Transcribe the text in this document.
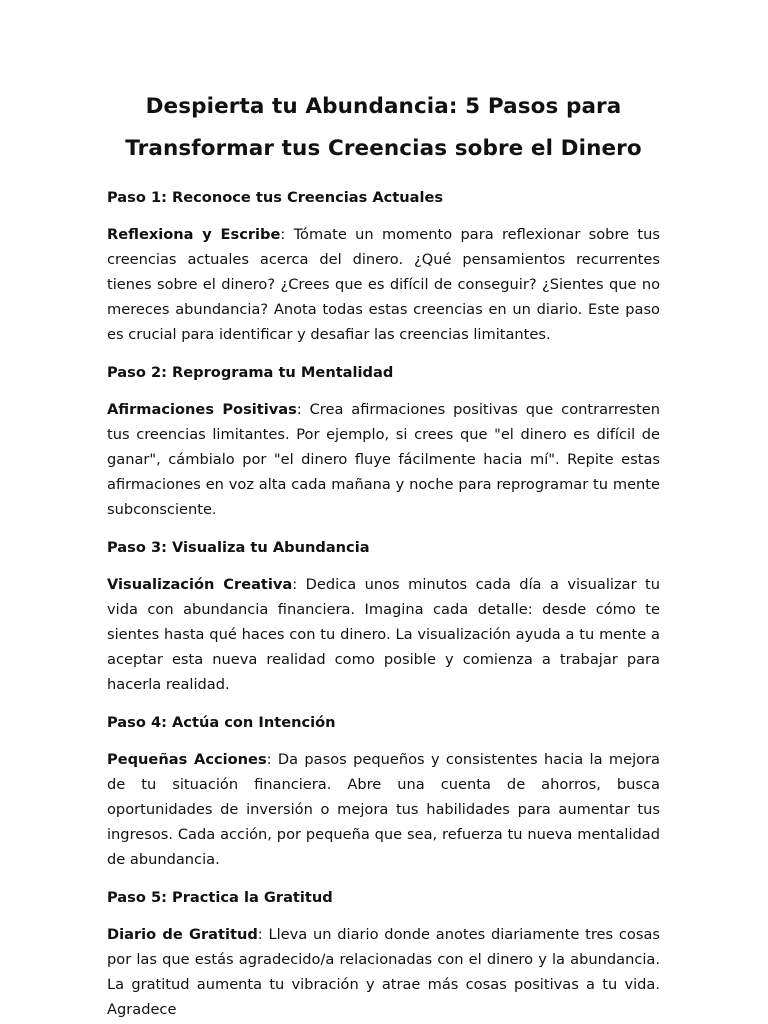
Despierta tu Abundancia: 5 Pasos para
Transformar tus Creencias sobre el Dinero

Paso 1: Reconoce tus Creencias Actuales

Reflexiona y Escribe: Tómate un momento para reflexionar sobre tus creencias actuales acerca del dinero. ¿Qué pensamientos recurrentes tienes sobre el dinero? ¿Crees que es difícil de conseguir? ¿Sientes que no mereces abundancia? Anota todas estas creencias en un diario. Este paso es crucial para identificar y desafiar las creencias limitantes.

Paso 2: Reprograma tu Mentalidad

Afirmaciones Positivas: Crea afirmaciones positivas que contrarresten tus creencias limitantes. Por ejemplo, si crees que "el dinero es difícil de ganar", cámbialo por "el dinero fluye fácilmente hacia mí". Repite estas afirmaciones en voz alta cada mañana y noche para reprogramar tu mente subconsciente.

Paso 3: Visualiza tu Abundancia

Visualización Creativa: Dedica unos minutos cada día a visualizar tu vida con abundancia financiera. Imagina cada detalle: desde cómo te sientes hasta qué haces con tu dinero. La visualización ayuda a tu mente a aceptar esta nueva realidad como posible y comienza a trabajar para hacerla realidad.

Paso 4: Actúa con Intención

Pequeñas Acciones: Da pasos pequeños y consistentes hacia la mejora de tu situación financiera. Abre una cuenta de ahorros, busca oportunidades de inversión o mejora tus habilidades para aumentar tus ingresos. Cada acción, por pequeña que sea, refuerza tu nueva mentalidad de abundancia.

Paso 5: Practica la Gratitud

Diario de Gratitud: Lleva un diario donde anotes diariamente tres cosas por las que estás agradecido/a relacionadas con el dinero y la abundancia. La gratitud aumenta tu vibración y atrae más cosas positivas a tu vida. Agradece
